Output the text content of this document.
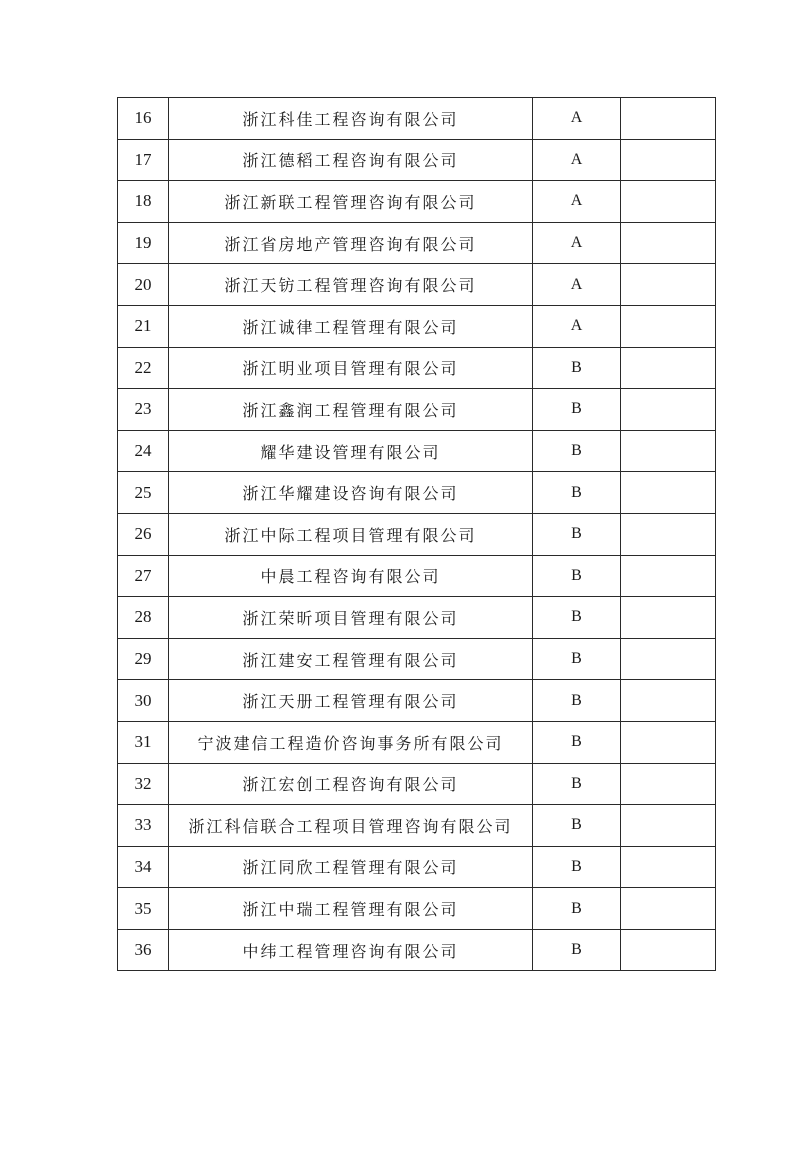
16	浙江科佳工程咨询有限公司	A	
17	浙江德稻工程咨询有限公司	A	
18	浙江新联工程管理咨询有限公司	A	
19	浙江省房地产管理咨询有限公司	A	
20	浙江天钫工程管理咨询有限公司	A	
21	浙江诚律工程管理有限公司	A	
22	浙江明业项目管理有限公司	B	
23	浙江鑫润工程管理有限公司	B	
24	耀华建设管理有限公司	B	
25	浙江华耀建设咨询有限公司	B	
26	浙江中际工程项目管理有限公司	B	
27	中晨工程咨询有限公司	B	
28	浙江荣昕项目管理有限公司	B	
29	浙江建安工程管理有限公司	B	
30	浙江天册工程管理有限公司	B	
31	宁波建信工程造价咨询事务所有限公司	B	
32	浙江宏创工程咨询有限公司	B	
33	浙江科信联合工程项目管理咨询有限公司	B	
34	浙江同欣工程管理有限公司	B	
35	浙江中瑞工程管理有限公司	B	
36	中纬工程管理咨询有限公司	B	
